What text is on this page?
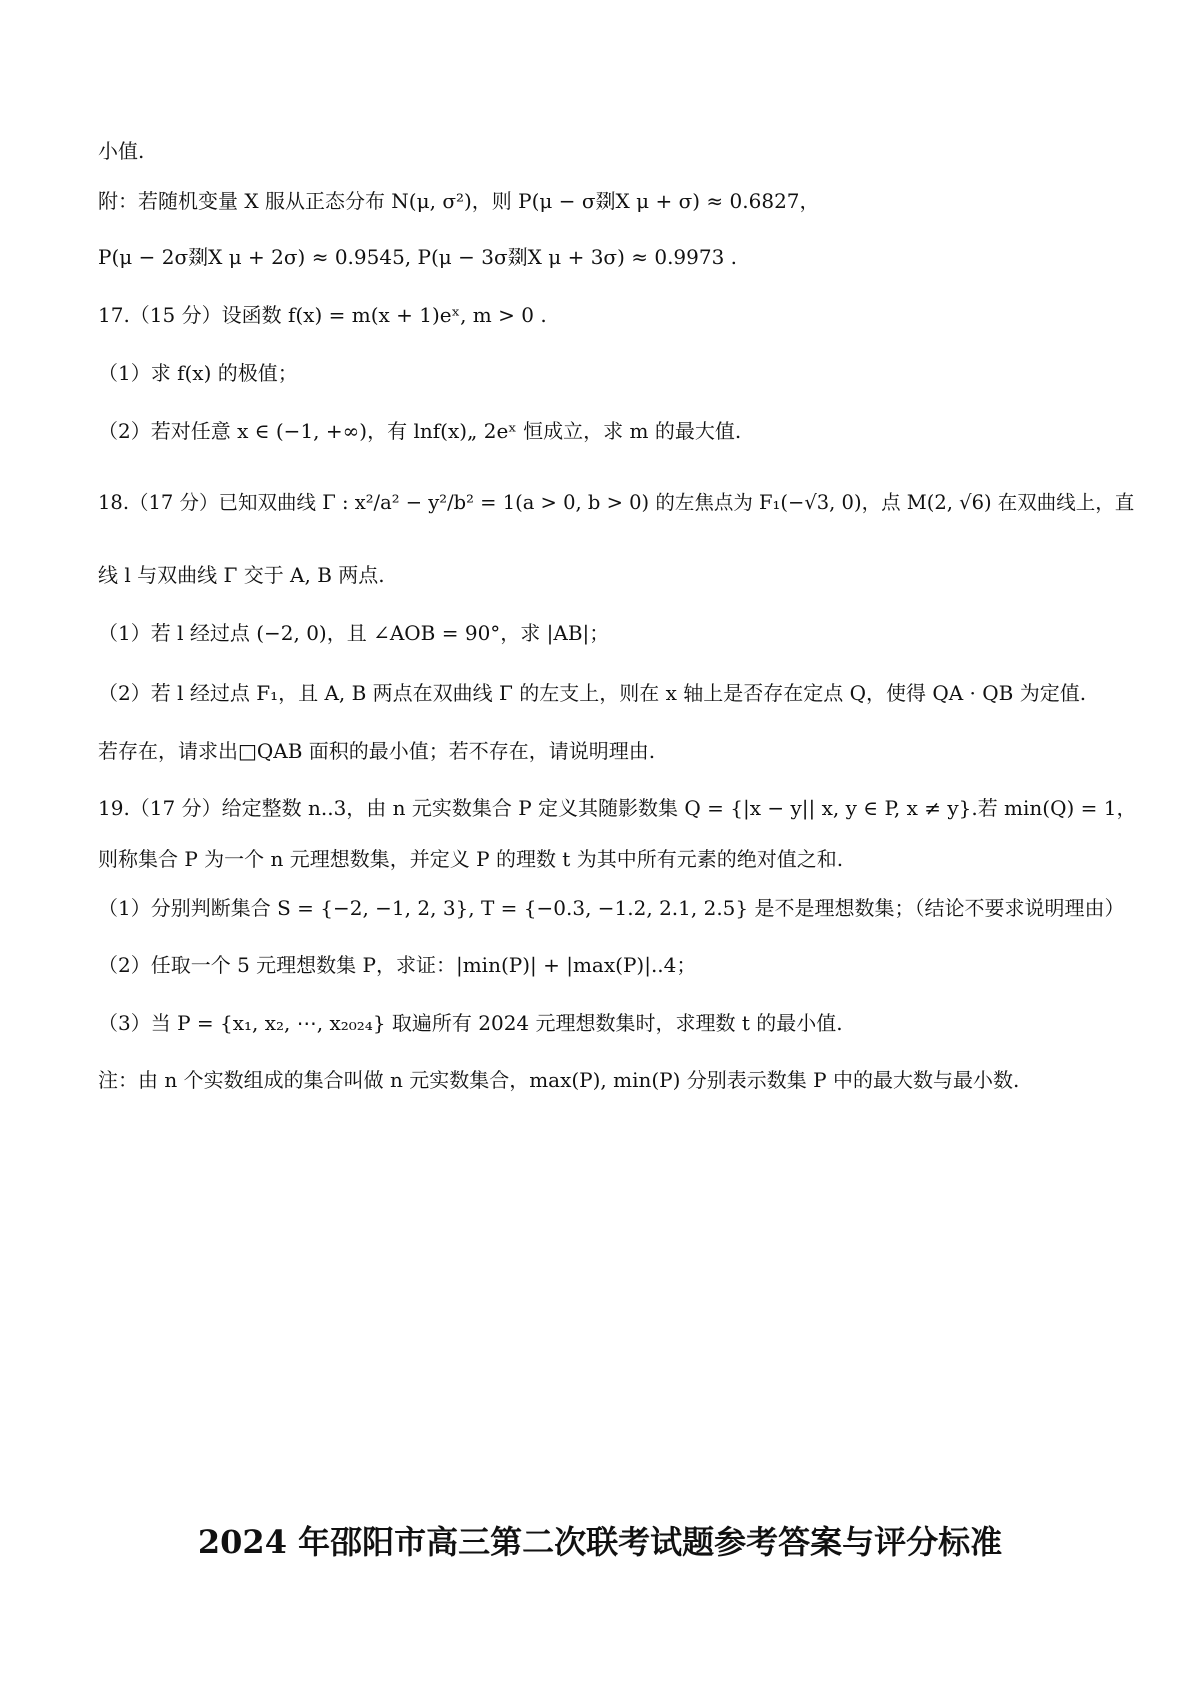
小值.
附：若随机变量 X 服从正态分布 N(μ, σ²)，则 P(μ − σ剟X μ + σ) ≈ 0.6827，
P(μ − 2σ剟X μ + 2σ) ≈ 0.9545, P(μ − 3σ剟X μ + 3σ) ≈ 0.9973 .
17.（15 分）设函数 f(x) = m(x + 1)eˣ, m > 0 .
（1）求 f(x) 的极值；
（2）若对任意 x ∈ (−1, +∞)，有 lnf(x)„ 2eˣ 恒成立，求 m 的最大值.
18.（17 分）已知双曲线 Γ : x²/a² − y²/b² = 1(a > 0, b > 0) 的左焦点为 F₁(−√3, 0)，点 M(2, √6) 在双曲线上，直
线 l 与双曲线 Γ 交于 A, B 两点.
（1）若 l 经过点 (−2, 0)，且 ∠AOB = 90°，求 |AB|；
（2）若 l 经过点 F₁，且 A, B 两点在双曲线 Γ 的左支上，则在 x 轴上是否存在定点 Q，使得 QA · QB 为定值.
若存在，请求出□QAB 面积的最小值；若不存在，请说明理由.
19.（17 分）给定整数 n..3，由 n 元实数集合 P 定义其随影数集 Q = {|x − y|| x, y ∈ P, x ≠ y}.若 min(Q) = 1，
则称集合 P 为一个 n 元理想数集，并定义 P 的理数 t 为其中所有元素的绝对值之和.
（1）分别判断集合 S = {−2, −1, 2, 3}, T = {−0.3, −1.2, 2.1, 2.5} 是不是理想数集；（结论不要求说明理由）
（2）任取一个 5 元理想数集 P，求证：|min(P)| + |max(P)|..4；
（3）当 P = {x₁, x₂, ⋯, x₂₀₂₄} 取遍所有 2024 元理想数集时，求理数 t 的最小值.
注：由 n 个实数组成的集合叫做 n 元实数集合，max(P), min(P) 分别表示数集 P 中的最大数与最小数.
2024 年邵阳市高三第二次联考试题参考答案与评分标准
